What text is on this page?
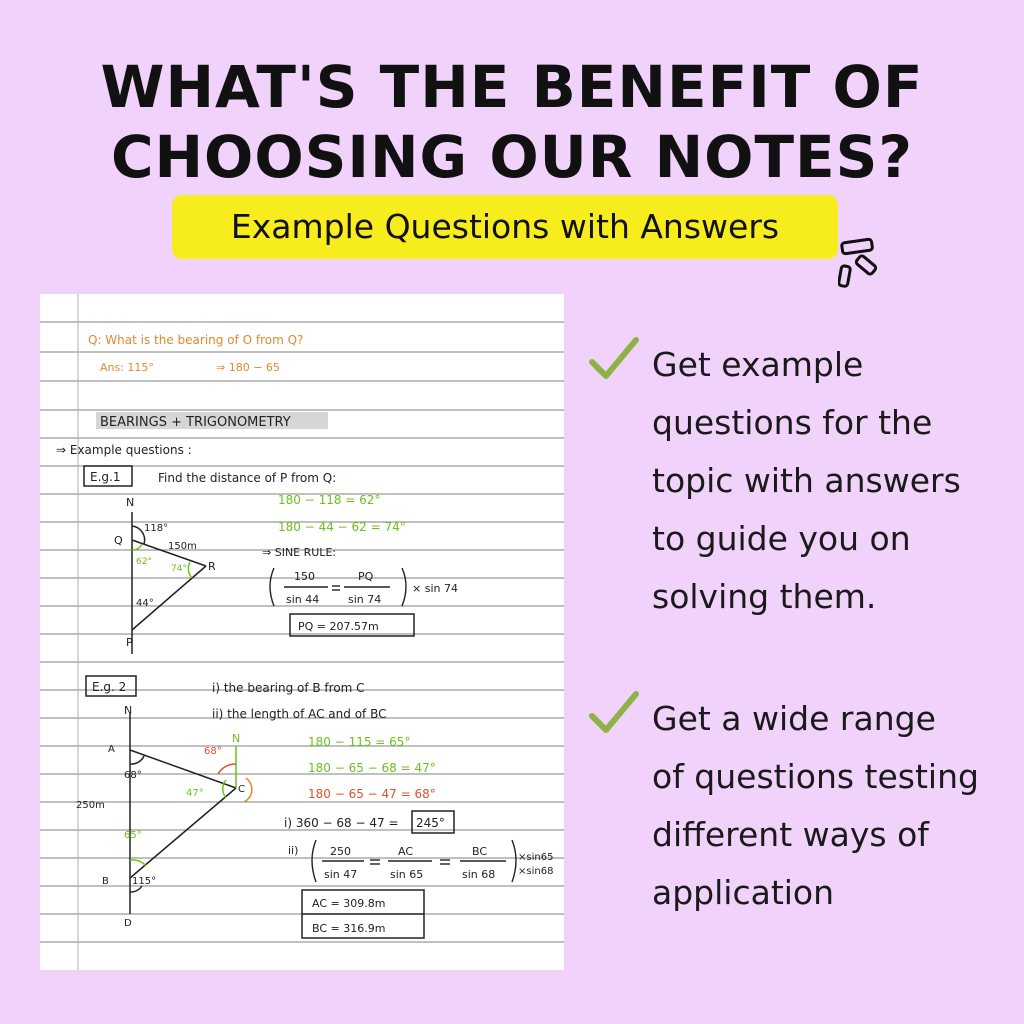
WHAT'S THE BENEFIT OF
CHOOSING OUR NOTES?
Example Questions with Answers
Q: What is the bearing of O from Q?
Ans: 115°	⇒ 180 − 65
BEARINGS + TRIGONOMETRY
⇒ Example questions :
E.g.1	Find the distance of P from Q:
180 − 118 = 62°
180 − 44 − 62 = 74°
⇒ SINE RULE:
N
Q
R
P
118°
150m
62°
74°
44°
150
sin 44
PQ
sin 74
× sin 74
PQ = 207.57m
E.g. 2	i) the bearing of B from C
ii) the length of AC and of BC
180 − 115 = 65°
180 − 65 − 68 = 47°
180 − 65 − 47 = 68°
N
N
A
C
B
D
68°
68°
47°
250m
65°
115°
i) 360 − 68 − 47 = 245°
ii)	250
sin 47
AC
sin 65
BC
sin 68
×sin65
×sin68
AC = 309.8m
BC = 316.9m
Get example
questions for the
topic with answers
to guide you on
solving them.
Get a wide range
of questions testing
different ways of
application
